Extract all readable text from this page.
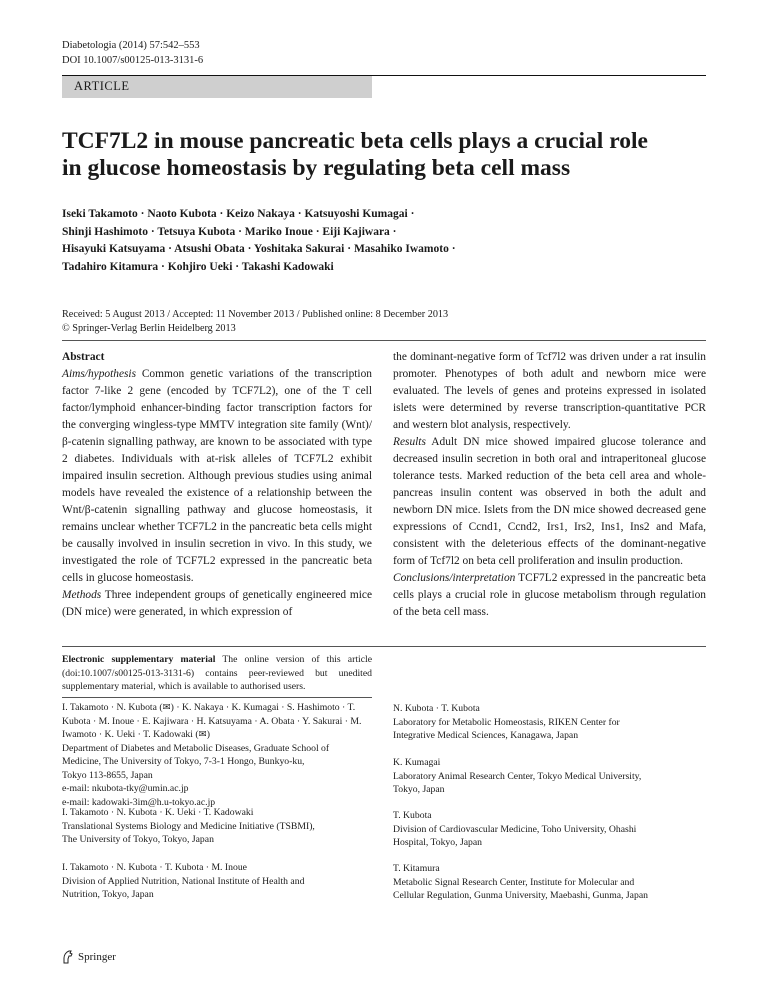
Diabetologia (2014) 57:542–553
DOI 10.1007/s00125-013-3131-6
ARTICLE
TCF7L2 in mouse pancreatic beta cells plays a crucial role
in glucose homeostasis by regulating beta cell mass
Iseki Takamoto · Naoto Kubota · Keizo Nakaya · Katsuyoshi Kumagai ·
Shinji Hashimoto · Tetsuya Kubota · Mariko Inoue · Eiji Kajiwara ·
Hisayuki Katsuyama · Atsushi Obata · Yoshitaka Sakurai · Masahiko Iwamoto ·
Tadahiro Kitamura · Kohjiro Ueki · Takashi Kadowaki
Received: 5 August 2013 / Accepted: 11 November 2013 / Published online: 8 December 2013
© Springer-Verlag Berlin Heidelberg 2013

Abstract

Aims/hypothesis Common genetic variations of the transcription factor 7-like 2 gene (encoded by TCF7L2), one of the T cell factor/lymphoid enhancer-binding factor transcription factors for the converging wingless-type MMTV integration site family (Wnt)/β-catenin signalling pathway, are known to be associated with type 2 diabetes. Individuals with at-risk alleles of TCF7L2 exhibit impaired insulin secretion. Although previous studies using animal models have revealed the existence of a relationship between the Wnt/β-catenin signalling pathway and glucose homeostasis, it remains unclear whether TCF7L2 in the pancreatic beta cells might be causally involved in insulin secretion in vivo. In this study, we investigated the role of TCF7L2 expressed in the pancreatic beta cells in glucose homeostasis.

Methods Three independent groups of genetically engineered mice (DN mice) were generated, in which expression of

the dominant-negative form of Tcf7l2 was driven under a rat insulin promoter. Phenotypes of both adult and newborn mice were evaluated. The levels of genes and proteins expressed in isolated islets were determined by reverse transcription-quantitative PCR and western blot analysis, respectively.

Results Adult DN mice showed impaired glucose tolerance and decreased insulin secretion in both oral and intraperitoneal glucose tolerance tests. Marked reduction of the beta cell area and whole-pancreas insulin content was observed in both the adult and newborn DN mice. Islets from the DN mice showed decreased gene expressions of Ccnd1, Ccnd2, Irs1, Irs2, Ins1, Ins2 and Mafa, consistent with the deleterious effects of the dominant-negative form of Tcf7l2 on beta cell proliferation and insulin production.

Conclusions/interpretation TCF7L2 expressed in the pancreatic beta cells plays a crucial role in glucose metabolism through regulation of the beta cell mass.

Electronic supplementary material The online version of this article (doi:10.1007/s00125-013-3131-6) contains peer-reviewed but unedited supplementary material, which is available to authorised users.

I. Takamoto · N. Kubota (✉) · K. Nakaya · K. Kumagai · S. Hashimoto · T. Kubota · M. Inoue · E. Kajiwara · H. Katsuyama · A. Obata · Y. Sakurai · M. Iwamoto · K. Ueki · T. Kadowaki (✉)

Department of Diabetes and Metabolic Diseases, Graduate School of

Medicine, The University of Tokyo, 7-3-1 Hongo, Bunkyo-ku,

Tokyo 113-8655, Japan

e-mail: nkubota-tky@umin.ac.jp

e-mail: kadowaki-3im@h.u-tokyo.ac.jp

I. Takamoto · N. Kubota · K. Ueki · T. Kadowaki

Translational Systems Biology and Medicine Initiative (TSBMI),

The University of Tokyo, Tokyo, Japan

I. Takamoto · N. Kubota · T. Kubota · M. Inoue

Division of Applied Nutrition, National Institute of Health and

Nutrition, Tokyo, Japan

N. Kubota · T. Kubota

Laboratory for Metabolic Homeostasis, RIKEN Center for

Integrative Medical Sciences, Kanagawa, Japan

K. Kumagai

Laboratory Animal Research Center, Tokyo Medical University,

Tokyo, Japan

T. Kubota

Division of Cardiovascular Medicine, Toho University, Ohashi

Hospital, Tokyo, Japan

T. Kitamura

Metabolic Signal Research Center, Institute for Molecular and

Cellular Regulation, Gunma University, Maebashi, Gunma, Japan

Springer
